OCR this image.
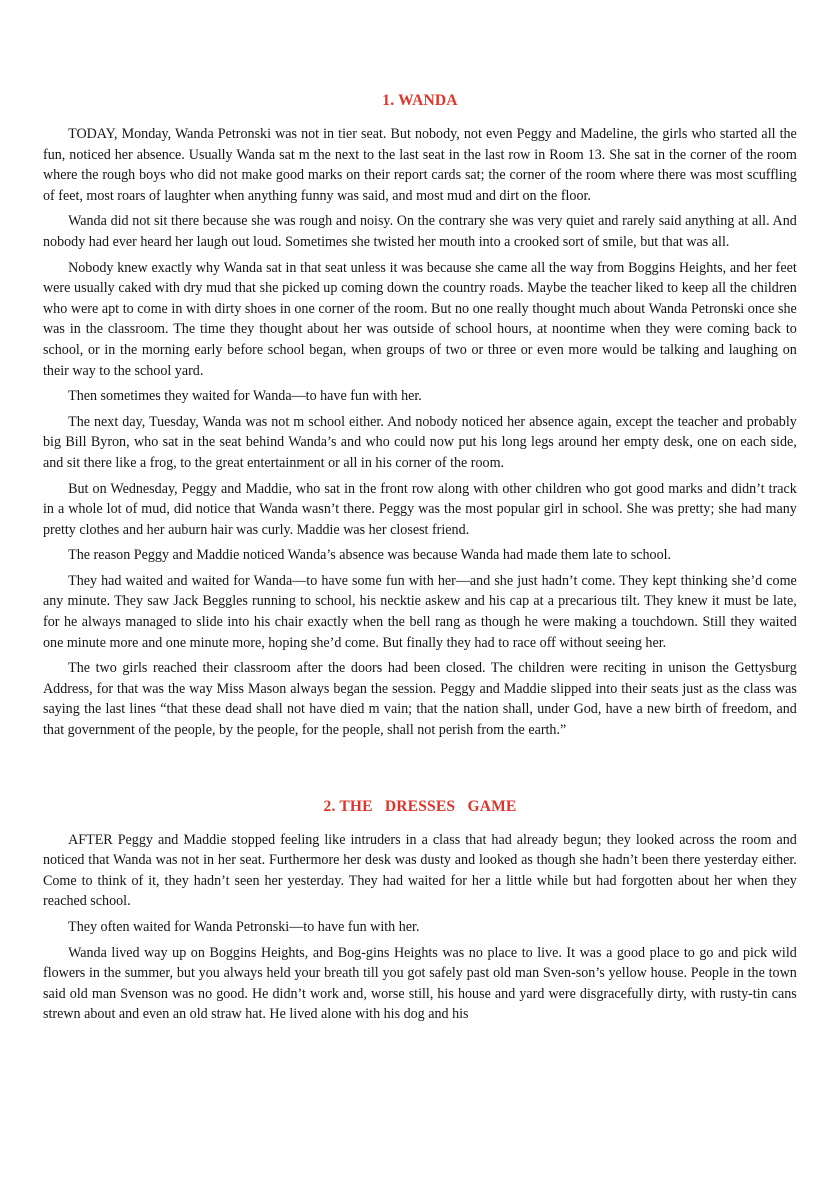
1. WANDA

TODAY, Monday, Wanda Petronski was not in tier seat. But nobody, not even Peggy and Madeline, the girls who started all the fun, noticed her absence. Usually Wanda sat m the next to the last seat in the last row in Room 13. She sat in the corner of the room where the rough boys who did not make good marks on their report cards sat; the corner of the room where there was most scuffling of feet, most roars of laughter when anything funny was said, and most mud and dirt on the floor.

Wanda did not sit there because she was rough and noisy. On the contrary she was very quiet and rarely said anything at all. And nobody had ever heard her laugh out loud. Sometimes she twisted her mouth into a crooked sort of smile, but that was all.

Nobody knew exactly why Wanda sat in that seat unless it was because she came all the way from Boggins Heights, and her feet were usually caked with dry mud that she picked up coming down the country roads. Maybe the teacher liked to keep all the children who were apt to come in with dirty shoes in one corner of the room. But no one really thought much about Wanda Petronski once she was in the classroom. The time they thought about her was outside of school hours, at noontime when they were coming back to school, or in the morning early before school began, when groups of two or three or even more would be talking and laughing on their way to the school yard.

Then sometimes they waited for Wanda—to have fun with her.

The next day, Tuesday, Wanda was not m school either. And nobody noticed her absence again, except the teacher and probably big Bill Byron, who sat in the seat behind Wanda’s and who could now put his long legs around her empty desk, one on each side, and sit there like a frog, to the great entertainment or all in his corner of the room.

But on Wednesday, Peggy and Maddie, who sat in the front row along with other children who got good marks and didn’t track in a whole lot of mud, did notice that Wanda wasn’t there. Peggy was the most popular girl in school. She was pretty; she had many pretty clothes and her auburn hair was curly. Maddie was her closest friend.

The reason Peggy and Maddie noticed Wanda’s absence was because Wanda had made them late to school.

They had waited and waited for Wanda—to have some fun with her—and she just hadn’t come. They kept thinking she’d come any minute. They saw Jack Beggles running to school, his necktie askew and his cap at a precarious tilt. They knew it must be late, for he always managed to slide into his chair exactly when the bell rang as though he were making a touchdown. Still they waited one minute more and one minute more, hoping she’d come. But finally they had to race off without seeing her.

The two girls reached their classroom after the doors had been closed. The children were reciting in unison the Gettysburg Address, for that was the way Miss Mason always began the session. Peggy and Maddie slipped into their seats just as the class was saying the last lines “that these dead shall not have died m vain; that the nation shall, under God, have a new birth of freedom, and that government of the people, by the people, for the people, shall not perish from the earth.”

2. THE   DRESSES   GAME

AFTER Peggy and Maddie stopped feeling like intruders in a class that had already begun; they looked across the room and noticed that Wanda was not in her seat. Furthermore her desk was dusty and looked as though she hadn’t been there yesterday either. Come to think of it, they hadn’t seen her yesterday. They had waited for her a little while but had forgotten about her when they reached school.

They often waited for Wanda Petronski—to have fun with her.

Wanda lived way up on Boggins Heights, and Bog-gins Heights was no place to live. It was a good place to go and pick wild flowers in the summer, but you always held your breath till you got safely past old man Sven-son’s yellow house. People in the town said old man Svenson was no good. He didn’t work and, worse still, his house and yard were disgracefully dirty, with rusty-tin cans strewn about and even an old straw hat. He lived alone with his dog and his
